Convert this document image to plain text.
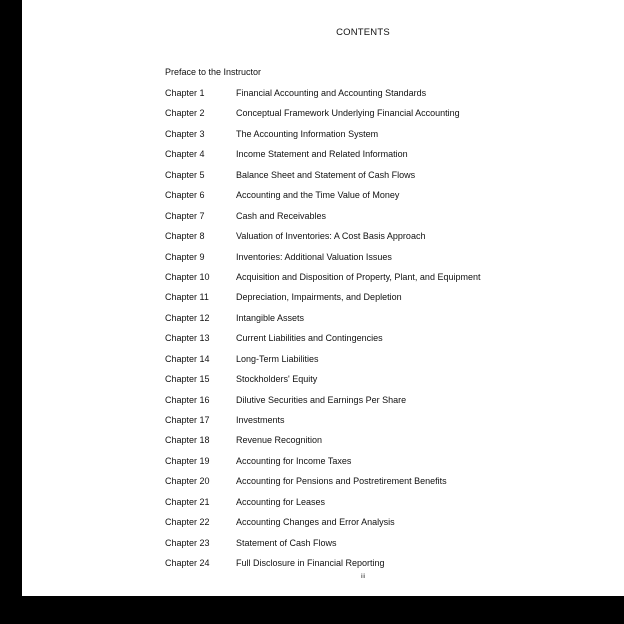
CONTENTS
Preface to the Instructor
Chapter 1	Financial Accounting and Accounting Standards
Chapter 2	Conceptual Framework Underlying Financial Accounting
Chapter 3	The Accounting Information System
Chapter 4	Income Statement and Related Information
Chapter 5	Balance Sheet and Statement of Cash Flows
Chapter 6	Accounting and the Time Value of Money
Chapter 7	Cash and Receivables
Chapter 8	Valuation of Inventories: A Cost Basis Approach
Chapter 9	Inventories: Additional Valuation Issues
Chapter 10	Acquisition and Disposition of Property, Plant, and Equipment
Chapter 11	Depreciation, Impairments, and Depletion
Chapter 12	Intangible Assets
Chapter 13	Current Liabilities and Contingencies
Chapter 14	Long-Term Liabilities
Chapter 15	Stockholders' Equity
Chapter 16	Dilutive Securities and Earnings Per Share
Chapter 17	Investments
Chapter 18	Revenue Recognition
Chapter 19	Accounting for Income Taxes
Chapter 20	Accounting for Pensions and Postretirement Benefits
Chapter 21	Accounting for Leases
Chapter 22	Accounting Changes and Error Analysis
Chapter 23	Statement of Cash Flows
Chapter 24	Full Disclosure in Financial Reporting
iii
